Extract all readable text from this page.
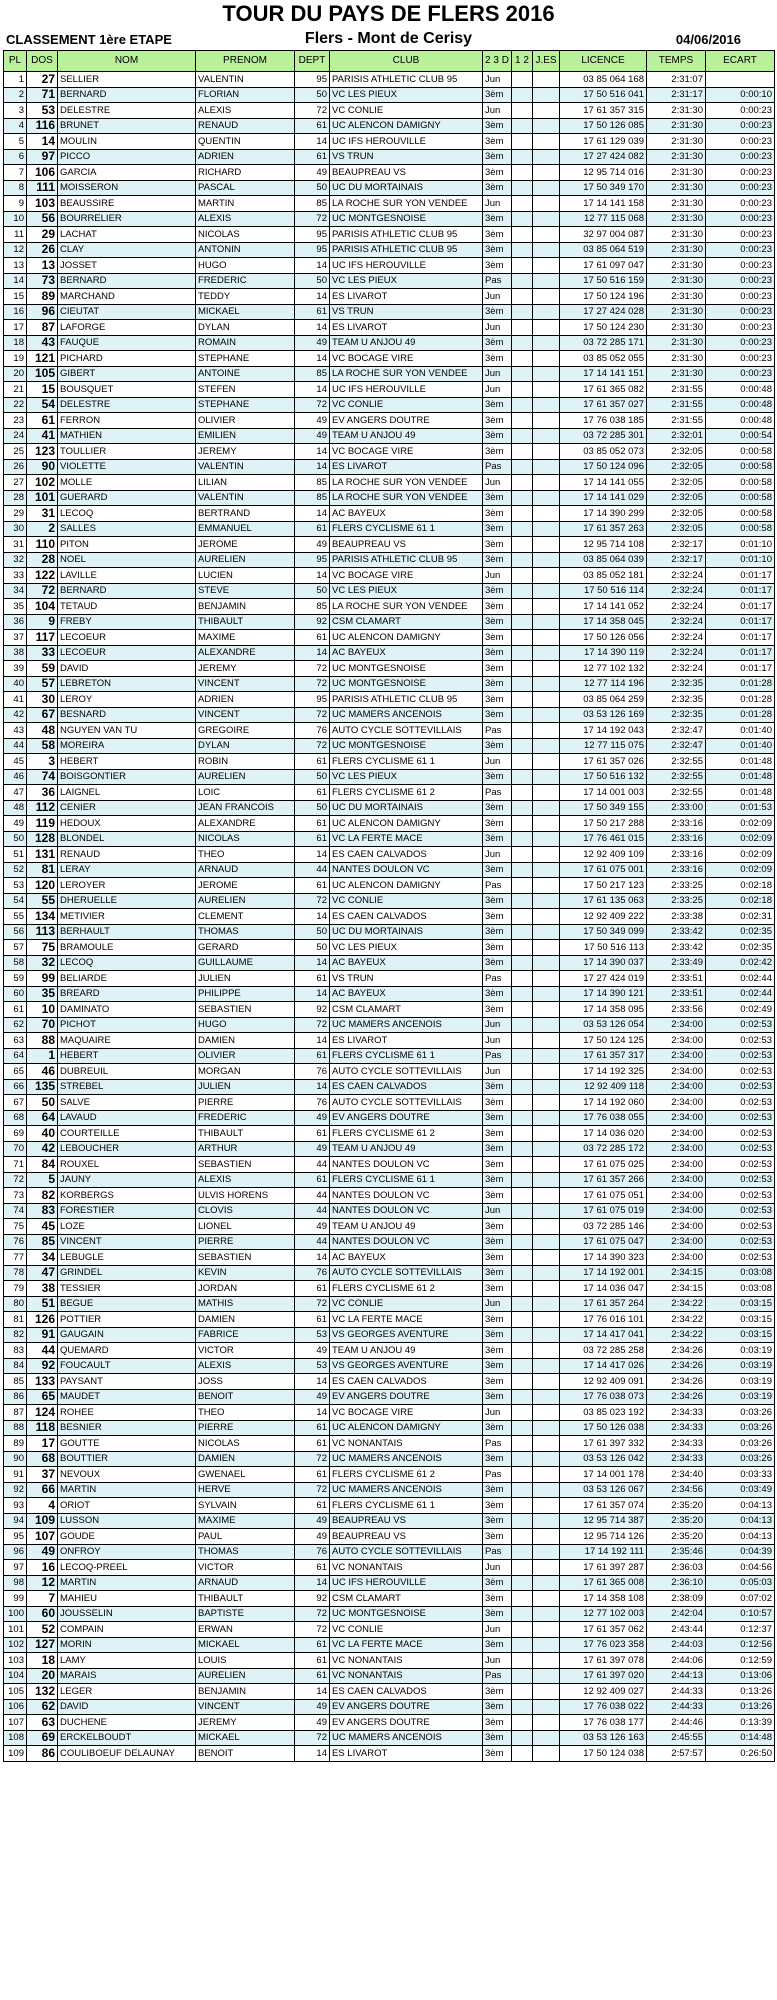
TOUR DU PAYS DE FLERS 2016
CLASSEMENT 1ère ETAPE	Flers - Mont de Cerisy	04/06/2016
PL	DOS	NOM	PRENOM	DEPT	CLUB	2 3 D	1 2	J.ES	LICENCE	TEMPS	ECART
1	27	SELLIER	VALENTIN	95	PARISIS ATHLETIC CLUB 95	Jun			03 85 064 168	2:31:07	
2	71	BERNARD	FLORIAN	50	VC LES PIEUX	3èm			17 50 516 041	2:31:17	0:00:10
3	53	DELESTRE	ALEXIS	72	VC CONLIE	Jun			17 61 357 315	2:31:30	0:00:23
4	116	BRUNET	RENAUD	61	UC ALENCON DAMIGNY	3èm			17 50 126 085	2:31:30	0:00:23
5	14	MOULIN	QUENTIN	14	UC IFS HEROUVILLE	3èm			17 61 129 039	2:31:30	0:00:23
6	97	PICCO	ADRIEN	61	VS TRUN	3èm			17 27 424 082	2:31:30	0:00:23
7	106	GARCIA	RICHARD	49	BEAUPREAU VS	3èm			12 95 714 016	2:31:30	0:00:23
8	111	MOISSERON	PASCAL	50	UC DU MORTAINAIS	3èm			17 50 349 170	2:31:30	0:00:23
9	103	BEAUSSIRE	MARTIN	85	LA ROCHE SUR YON VENDEE	Jun			17 14 141 158	2:31:30	0:00:23
10	56	BOURRELIER	ALEXIS	72	UC MONTGESNOISE	3èm			12 77 115 068	2:31:30	0:00:23
11	29	LACHAT	NICOLAS	95	PARISIS ATHLETIC CLUB 95	3èm			32 97 004 087	2:31:30	0:00:23
12	26	CLAY	ANTONIN	95	PARISIS ATHLETIC CLUB 95	3èm			03 85 064 519	2:31:30	0:00:23
13	13	JOSSET	HUGO	14	UC IFS HEROUVILLE	3èm			17 61 097 047	2:31:30	0:00:23
14	73	BERNARD	FREDERIC	50	VC LES PIEUX	Pas			17 50 516 159	2:31:30	0:00:23
15	89	MARCHAND	TEDDY	14	ES LIVAROT	Jun			17 50 124 196	2:31:30	0:00:23
16	96	CIEUTAT	MICKAEL	61	VS TRUN	3èm			17 27 424 028	2:31:30	0:00:23
17	87	LAFORGE	DYLAN	14	ES LIVAROT	Jun			17 50 124 230	2:31:30	0:00:23
18	43	FAUQUE	ROMAIN	49	TEAM U ANJOU 49	3èm			03 72 285 171	2:31:30	0:00:23
19	121	PICHARD	STEPHANE	14	VC BOCAGE VIRE	3èm			03 85 052 055	2:31:30	0:00:23
20	105	GIBERT	ANTOINE	85	LA ROCHE SUR YON VENDEE	Jun			17 14 141 151	2:31:30	0:00:23
21	15	BOUSQUET	STEFEN	14	UC IFS HEROUVILLE	Jun			17 61 365 082	2:31:55	0:00:48
22	54	DELESTRE	STEPHANE	72	VC CONLIE	3èm			17 61 357 027	2:31:55	0:00:48
23	61	FERRON	OLIVIER	49	EV ANGERS DOUTRE	3èm			17 76 038 185	2:31:55	0:00:48
24	41	MATHIEN	EMILIEN	49	TEAM U ANJOU 49	3èm			03 72 285 301	2:32:01	0:00:54
25	123	TOULLIER	JEREMY	14	VC BOCAGE VIRE	3èm			03 85 052 073	2:32:05	0:00:58
26	90	VIOLETTE	VALENTIN	14	ES LIVAROT	Pas			17 50 124 096	2:32:05	0:00:58
27	102	MOLLE	LILIAN	85	LA ROCHE SUR YON VENDEE	Jun			17 14 141 055	2:32:05	0:00:58
28	101	GUERARD	VALENTIN	85	LA ROCHE SUR YON VENDEE	3èm			17 14 141 029	2:32:05	0:00:58
29	31	LECOQ	BERTRAND	14	AC BAYEUX	3èm			17 14 390 299	2:32:05	0:00:58
30	2	SALLES	EMMANUEL	61	FLERS CYCLISME 61 1	3èm			17 61 357 263	2:32:05	0:00:58
31	110	PITON	JEROME	49	BEAUPREAU VS	3èm			12 95 714 108	2:32:17	0:01:10
32	28	NOEL	AURELIEN	95	PARISIS ATHLETIC CLUB 95	3èm			03 85 064 039	2:32:17	0:01:10
33	122	LAVILLE	LUCIEN	14	VC BOCAGE VIRE	Jun			03 85 052 181	2:32:24	0:01:17
34	72	BERNARD	STEVE	50	VC LES PIEUX	3èm			17 50 516 114	2:32:24	0:01:17
35	104	TETAUD	BENJAMIN	85	LA ROCHE SUR YON VENDEE	3èm			17 14 141 052	2:32:24	0:01:17
36	9	FREBY	THIBAULT	92	CSM CLAMART	3èm			17 14 358 045	2:32:24	0:01:17
37	117	LECOEUR	MAXIME	61	UC ALENCON DAMIGNY	3èm			17 50 126 056	2:32:24	0:01:17
38	33	LECOEUR	ALEXANDRE	14	AC BAYEUX	3èm			17 14 390 119	2:32:24	0:01:17
39	59	DAVID	JEREMY	72	UC MONTGESNOISE	3èm			12 77 102 132	2:32:24	0:01:17
40	57	LEBRETON	VINCENT	72	UC MONTGESNOISE	3èm			12 77 114 196	2:32:35	0:01:28
41	30	LEROY	ADRIEN	95	PARISIS ATHLETIC CLUB 95	3èm			03 85 064 259	2:32:35	0:01:28
42	67	BESNARD	VINCENT	72	UC MAMERS ANCENOIS	3èm			03 53 126 169	2:32:35	0:01:28
43	48	NGUYEN VAN TU	GREGOIRE	76	AUTO CYCLE SOTTEVILLAIS	Pas			17 14 192 043	2:32:47	0:01:40
44	58	MOREIRA	DYLAN	72	UC MONTGESNOISE	3èm			12 77 115 075	2:32:47	0:01:40
45	3	HEBERT	ROBIN	61	FLERS CYCLISME 61 1	Jun			17 61 357 026	2:32:55	0:01:48
46	74	BOISGONTIER	AURELIEN	50	VC LES PIEUX	3èm			17 50 516 132	2:32:55	0:01:48
47	36	LAIGNEL	LOIC	61	FLERS CYCLISME 61 2	Pas			17 14 001 003	2:32:55	0:01:48
48	112	CENIER	JEAN FRANCOIS	50	UC DU MORTAINAIS	3èm			17 50 349 155	2:33:00	0:01:53
49	119	HEDOUX	ALEXANDRE	61	UC ALENCON DAMIGNY	3èm			17 50 217 288	2:33:16	0:02:09
50	128	BLONDEL	NICOLAS	61	VC LA FERTE MACE	3èm			17 76 461 015	2:33:16	0:02:09
51	131	RENAUD	THEO	14	ES CAEN CALVADOS	Jun			12 92 409 109	2:33:16	0:02:09
52	81	LERAY	ARNAUD	44	NANTES DOULON VC	3èm			17 61 075 001	2:33:16	0:02:09
53	120	LEROYER	JEROME	61	UC ALENCON DAMIGNY	Pas			17 50 217 123	2:33:25	0:02:18
54	55	DHERUELLE	AURELIEN	72	VC CONLIE	3èm			17 61 135 063	2:33:25	0:02:18
55	134	METIVIER	CLEMENT	14	ES CAEN CALVADOS	3èm			12 92 409 222	2:33:38	0:02:31
56	113	BERHAULT	THOMAS	50	UC DU MORTAINAIS	3èm			17 50 349 099	2:33:42	0:02:35
57	75	BRAMOULE	GERARD	50	VC LES PIEUX	3èm			17 50 516 113	2:33:42	0:02:35
58	32	LECOQ	GUILLAUME	14	AC BAYEUX	3èm			17 14 390 037	2:33:49	0:02:42
59	99	BELIARDE	JULIEN	61	VS TRUN	Pas			17 27 424 019	2:33:51	0:02:44
60	35	BREARD	PHILIPPE	14	AC BAYEUX	3èm			17 14 390 121	2:33:51	0:02:44
61	10	DAMINATO	SEBASTIEN	92	CSM CLAMART	3èm			17 14 358 095	2:33:56	0:02:49
62	70	PICHOT	HUGO	72	UC MAMERS ANCENOIS	Jun			03 53 126 054	2:34:00	0:02:53
63	88	MAQUAIRE	DAMIEN	14	ES LIVAROT	Jun			17 50 124 125	2:34:00	0:02:53
64	1	HEBERT	OLIVIER	61	FLERS CYCLISME 61 1	Pas			17 61 357 317	2:34:00	0:02:53
65	46	DUBREUIL	MORGAN	76	AUTO CYCLE SOTTEVILLAIS	Jun			17 14 192 325	2:34:00	0:02:53
66	135	STREBEL	JULIEN	14	ES CAEN CALVADOS	3èm			12 92 409 118	2:34:00	0:02:53
67	50	SALVE	PIERRE	76	AUTO CYCLE SOTTEVILLAIS	3èm			17 14 192 060	2:34:00	0:02:53
68	64	LAVAUD	FREDERIC	49	EV ANGERS DOUTRE	3èm			17 76 038 055	2:34:00	0:02:53
69	40	COURTEILLE	THIBAULT	61	FLERS CYCLISME 61 2	3èm			17 14 036 020	2:34:00	0:02:53
70	42	LEBOUCHER	ARTHUR	49	TEAM U ANJOU 49	3èm			03 72 285 172	2:34:00	0:02:53
71	84	ROUXEL	SEBASTIEN	44	NANTES DOULON VC	3èm			17 61 075 025	2:34:00	0:02:53
72	5	JAUNY	ALEXIS	61	FLERS CYCLISME 61 1	3èm			17 61 357 266	2:34:00	0:02:53
73	82	KORBERGS	ULVIS HORENS	44	NANTES DOULON VC	3èm			17 61 075 051	2:34:00	0:02:53
74	83	FORESTIER	CLOVIS	44	NANTES DOULON VC	Jun			17 61 075 019	2:34:00	0:02:53
75	45	LOZE	LIONEL	49	TEAM U ANJOU 49	3èm			03 72 285 146	2:34:00	0:02:53
76	85	VINCENT	PIERRE	44	NANTES DOULON VC	3èm			17 61 075 047	2:34:00	0:02:53
77	34	LEBUGLE	SEBASTIEN	14	AC BAYEUX	3èm			17 14 390 323	2:34:00	0:02:53
78	47	GRINDEL	KEVIN	76	AUTO CYCLE SOTTEVILLAIS	3èm			17 14 192 001	2:34:15	0:03:08
79	38	TESSIER	JORDAN	61	FLERS CYCLISME 61 2	3èm			17 14 036 047	2:34:15	0:03:08
80	51	BEGUE	MATHIS	72	VC CONLIE	Jun			17 61 357 264	2:34:22	0:03:15
81	126	POTTIER	DAMIEN	61	VC LA FERTE MACE	3èm			17 76 016 101	2:34:22	0:03:15
82	91	GAUGAIN	FABRICE	53	VS GEORGES AVENTURE	3èm			17 14 417 041	2:34:22	0:03:15
83	44	QUEMARD	VICTOR	49	TEAM U ANJOU 49	3èm			03 72 285 258	2:34:26	0:03:19
84	92	FOUCAULT	ALEXIS	53	VS GEORGES AVENTURE	3èm			17 14 417 026	2:34:26	0:03:19
85	133	PAYSANT	JOSS	14	ES CAEN CALVADOS	3èm			12 92 409 091	2:34:26	0:03:19
86	65	MAUDET	BENOIT	49	EV ANGERS DOUTRE	3èm			17 76 038 073	2:34:26	0:03:19
87	124	ROHEE	THEO	14	VC BOCAGE VIRE	Jun			03 85 023 192	2:34:33	0:03:26
88	118	BESNIER	PIERRE	61	UC ALENCON DAMIGNY	3èm			17 50 126 038	2:34:33	0:03:26
89	17	GOUTTE	NICOLAS	61	VC NONANTAIS	Pas			17 61 397 332	2:34:33	0:03:26
90	68	BOUTTIER	DAMIEN	72	UC MAMERS ANCENOIS	3èm			03 53 126 042	2:34:33	0:03:26
91	37	NEVOUX	GWENAEL	61	FLERS CYCLISME 61 2	Pas			17 14 001 178	2:34:40	0:03:33
92	66	MARTIN	HERVE	72	UC MAMERS ANCENOIS	3èm			03 53 126 067	2:34:56	0:03:49
93	4	ORIOT	SYLVAIN	61	FLERS CYCLISME 61 1	3èm			17 61 357 074	2:35:20	0:04:13
94	109	LUSSON	MAXIME	49	BEAUPREAU VS	3èm			12 95 714 387	2:35:20	0:04:13
95	107	GOUDE	PAUL	49	BEAUPREAU VS	3èm			12 95 714 126	2:35:20	0:04:13
96	49	ONFROY	THOMAS	76	AUTO CYCLE SOTTEVILLAIS	Pas			17 14 192 111	2:35:46	0:04:39
97	16	LECOQ-PREEL	VICTOR	61	VC NONANTAIS	Jun			17 61 397 287	2:36:03	0:04:56
98	12	MARTIN	ARNAUD	14	UC IFS HEROUVILLE	3èm			17 61 365 008	2:36:10	0:05:03
99	7	MAHIEU	THIBAULT	92	CSM CLAMART	3èm			17 14 358 108	2:38:09	0:07:02
100	60	JOUSSELIN	BAPTISTE	72	UC MONTGESNOISE	3èm			12 77 102 003	2:42:04	0:10:57
101	52	COMPAIN	ERWAN	72	VC CONLIE	Jun			17 61 357 062	2:43:44	0:12:37
102	127	MORIN	MICKAEL	61	VC LA FERTE MACE	3èm			17 76 023 358	2:44:03	0:12:56
103	18	LAMY	LOUIS	61	VC NONANTAIS	Jun			17 61 397 078	2:44:06	0:12:59
104	20	MARAIS	AURELIEN	61	VC NONANTAIS	Pas			17 61 397 020	2:44:13	0:13:06
105	132	LEGER	BENJAMIN	14	ES CAEN CALVADOS	3èm			12 92 409 027	2:44:33	0:13:26
106	62	DAVID	VINCENT	49	EV ANGERS DOUTRE	3èm			17 76 038 022	2:44:33	0:13:26
107	63	DUCHENE	JEREMY	49	EV ANGERS DOUTRE	3èm			17 76 038 177	2:44:46	0:13:39
108	69	ERCKELBOUDT	MICKAEL	72	UC MAMERS ANCENOIS	3èm			03 53 126 163	2:45:55	0:14:48
109	86	COULIBOEUF DELAUNAY	BENOIT	14	ES LIVAROT	3èm			17 50 124 038	2:57:57	0:26:50
